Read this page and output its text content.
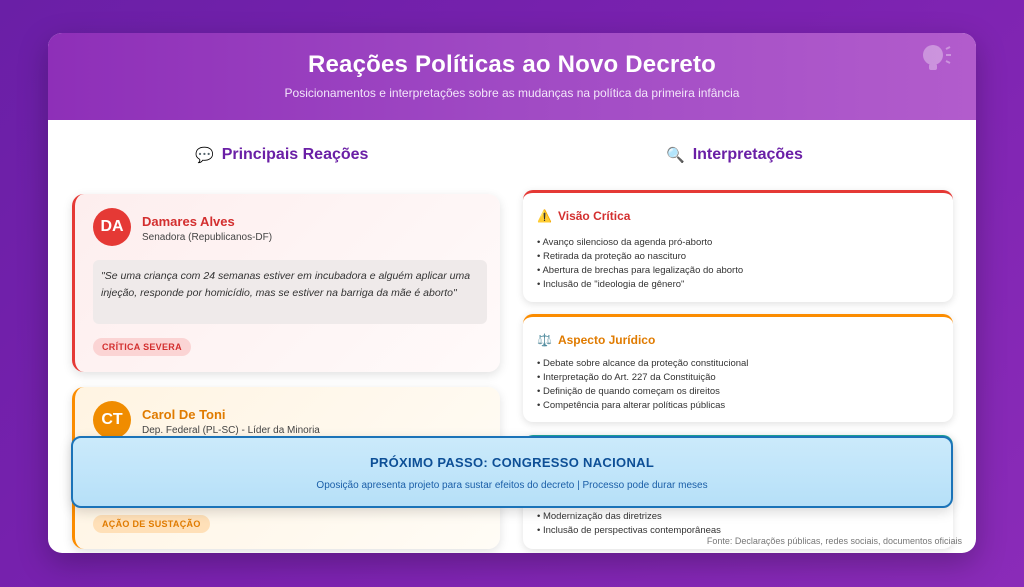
Reações Políticas ao Novo Decreto
Posicionamentos e interpretações sobre as mudanças na política da primeira infância
💬 Principais Reações	🔍 Interpretações
DA	Damares Alves
Senadora (Republicanos-DF)
"Se uma criança com 24 semanas estiver em incubadora e alguém aplicar uma injeção, responde por homicídio, mas se estiver na barriga da mãe é aborto"
CRÍTICA SEVERA
CT	Carol De Toni
Dep. Federal (PL-SC) - Líder da Minoria
AÇÃO DE SUSTAÇÃO
⚠️ Visão Crítica
• Avanço silencioso da agenda pró-aborto
• Retirada da proteção ao nascituro
• Abertura de brechas para legalização do aborto
• Inclusão de "ideologia de gênero"
⚖️ Aspecto Jurídico
• Debate sobre alcance da proteção constitucional
• Interpretação do Art. 227 da Constituição
• Definição de quando começam os direitos
• Competência para alterar políticas públicas
• Modernização das diretrizes
• Inclusão de perspectivas contemporâneas
Fonte: Declarações públicas, redes sociais, documentos oficiais
PRÓXIMO PASSO: CONGRESSO NACIONAL
Oposição apresenta projeto para sustar efeitos do decreto | Processo pode durar meses
